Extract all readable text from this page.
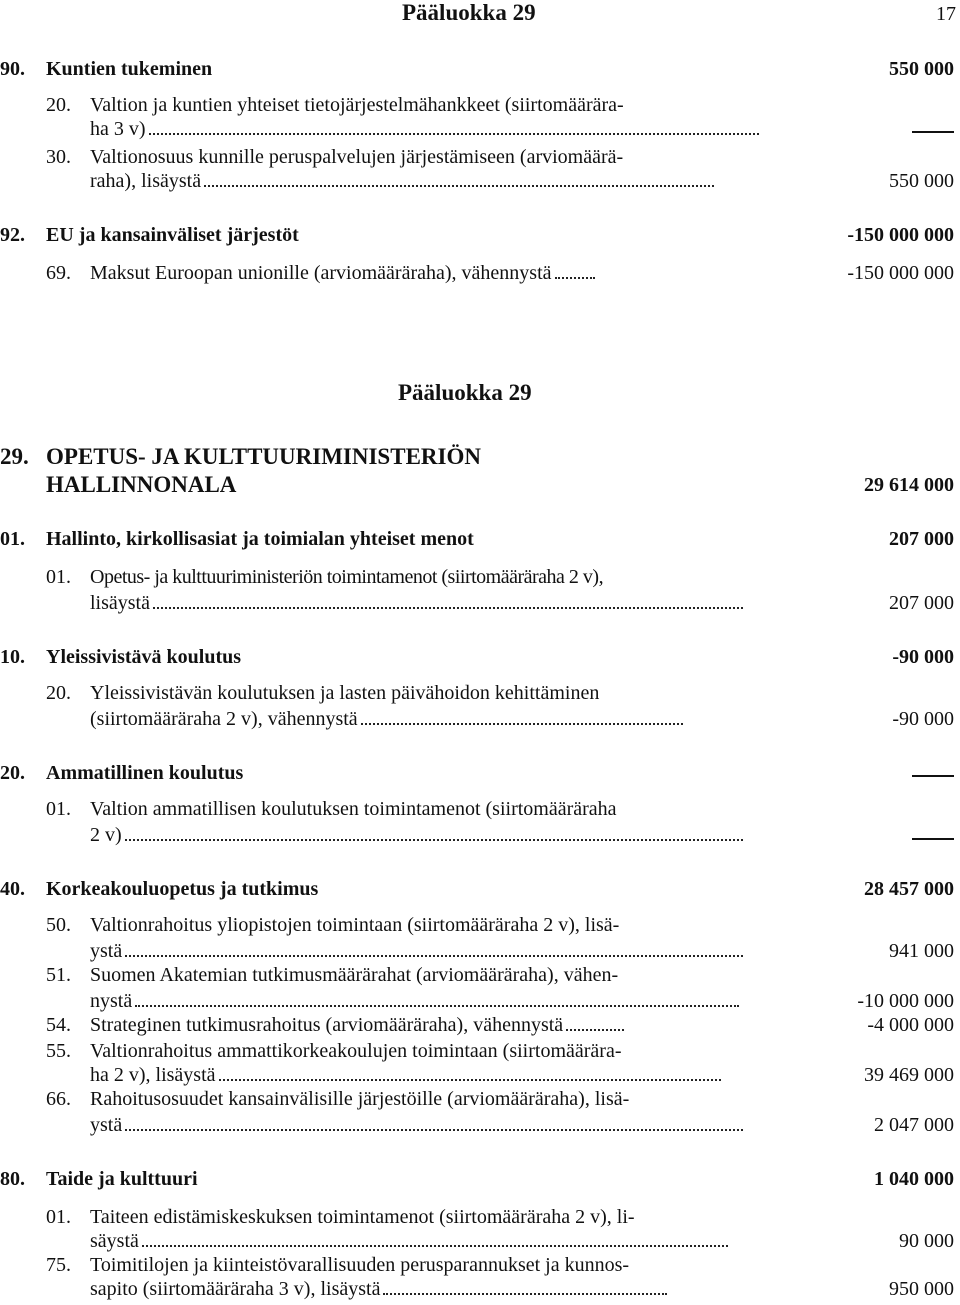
Pääluokka 29	17
90. Kuntien tukeminen	550 000
20. Valtion ja kuntien yhteiset tietojärjestelmähankkeet (siirtomäärära-
ha 3 v)
30. Valtionosuus kunnille peruspalvelujen järjestämiseen (arviomäärä-
raha), lisäystä	550 000
92. EU ja kansainväliset järjestöt	-150 000 000
69. Maksut Euroopan unionille (arviomääräraha), vähennystä	-150 000 000
Pääluokka 29
29. OPETUS- JA KULTTUURIMINISTERIÖN
HALLINNONALA	29 614 000
01. Hallinto, kirkollisasiat ja toimialan yhteiset menot	207 000
01. Opetus- ja kulttuuriministeriön toimintamenot (siirtomääräraha 2 v),
lisäystä	207 000
10. Yleissivistävä koulutus	-90 000
20. Yleissivistävän koulutuksen ja lasten päivähoidon kehittäminen
(siirtomääräraha 2 v), vähennystä	-90 000
20. Ammatillinen koulutus
01. Valtion ammatillisen koulutuksen toimintamenot (siirtomääräraha
2 v)
40. Korkeakouluopetus ja tutkimus	28 457 000
50. Valtionrahoitus yliopistojen toimintaan (siirtomääräraha 2 v), lisä-
ystä	941 000
51. Suomen Akatemian tutkimusmäärärahat (arviomääräraha), vähen-
nystä	-10 000 000
54. Strateginen tutkimusrahoitus (arviomääräraha), vähennystä	-4 000 000
55. Valtionrahoitus ammattikorkeakoulujen toimintaan (siirtomäärära-
ha 2 v), lisäystä	39 469 000
66. Rahoitusosuudet kansainvälisille järjestöille (arviomääräraha), lisä-
ystä	2 047 000
80. Taide ja kulttuuri	1 040 000
01. Taiteen edistämiskeskuksen toimintamenot (siirtomääräraha 2 v), li-
säystä	90 000
75. Toimitilojen ja kiinteistövarallisuuden perusparannukset ja kunnos-
sapito (siirtomääräraha 3 v), lisäystä	950 000
